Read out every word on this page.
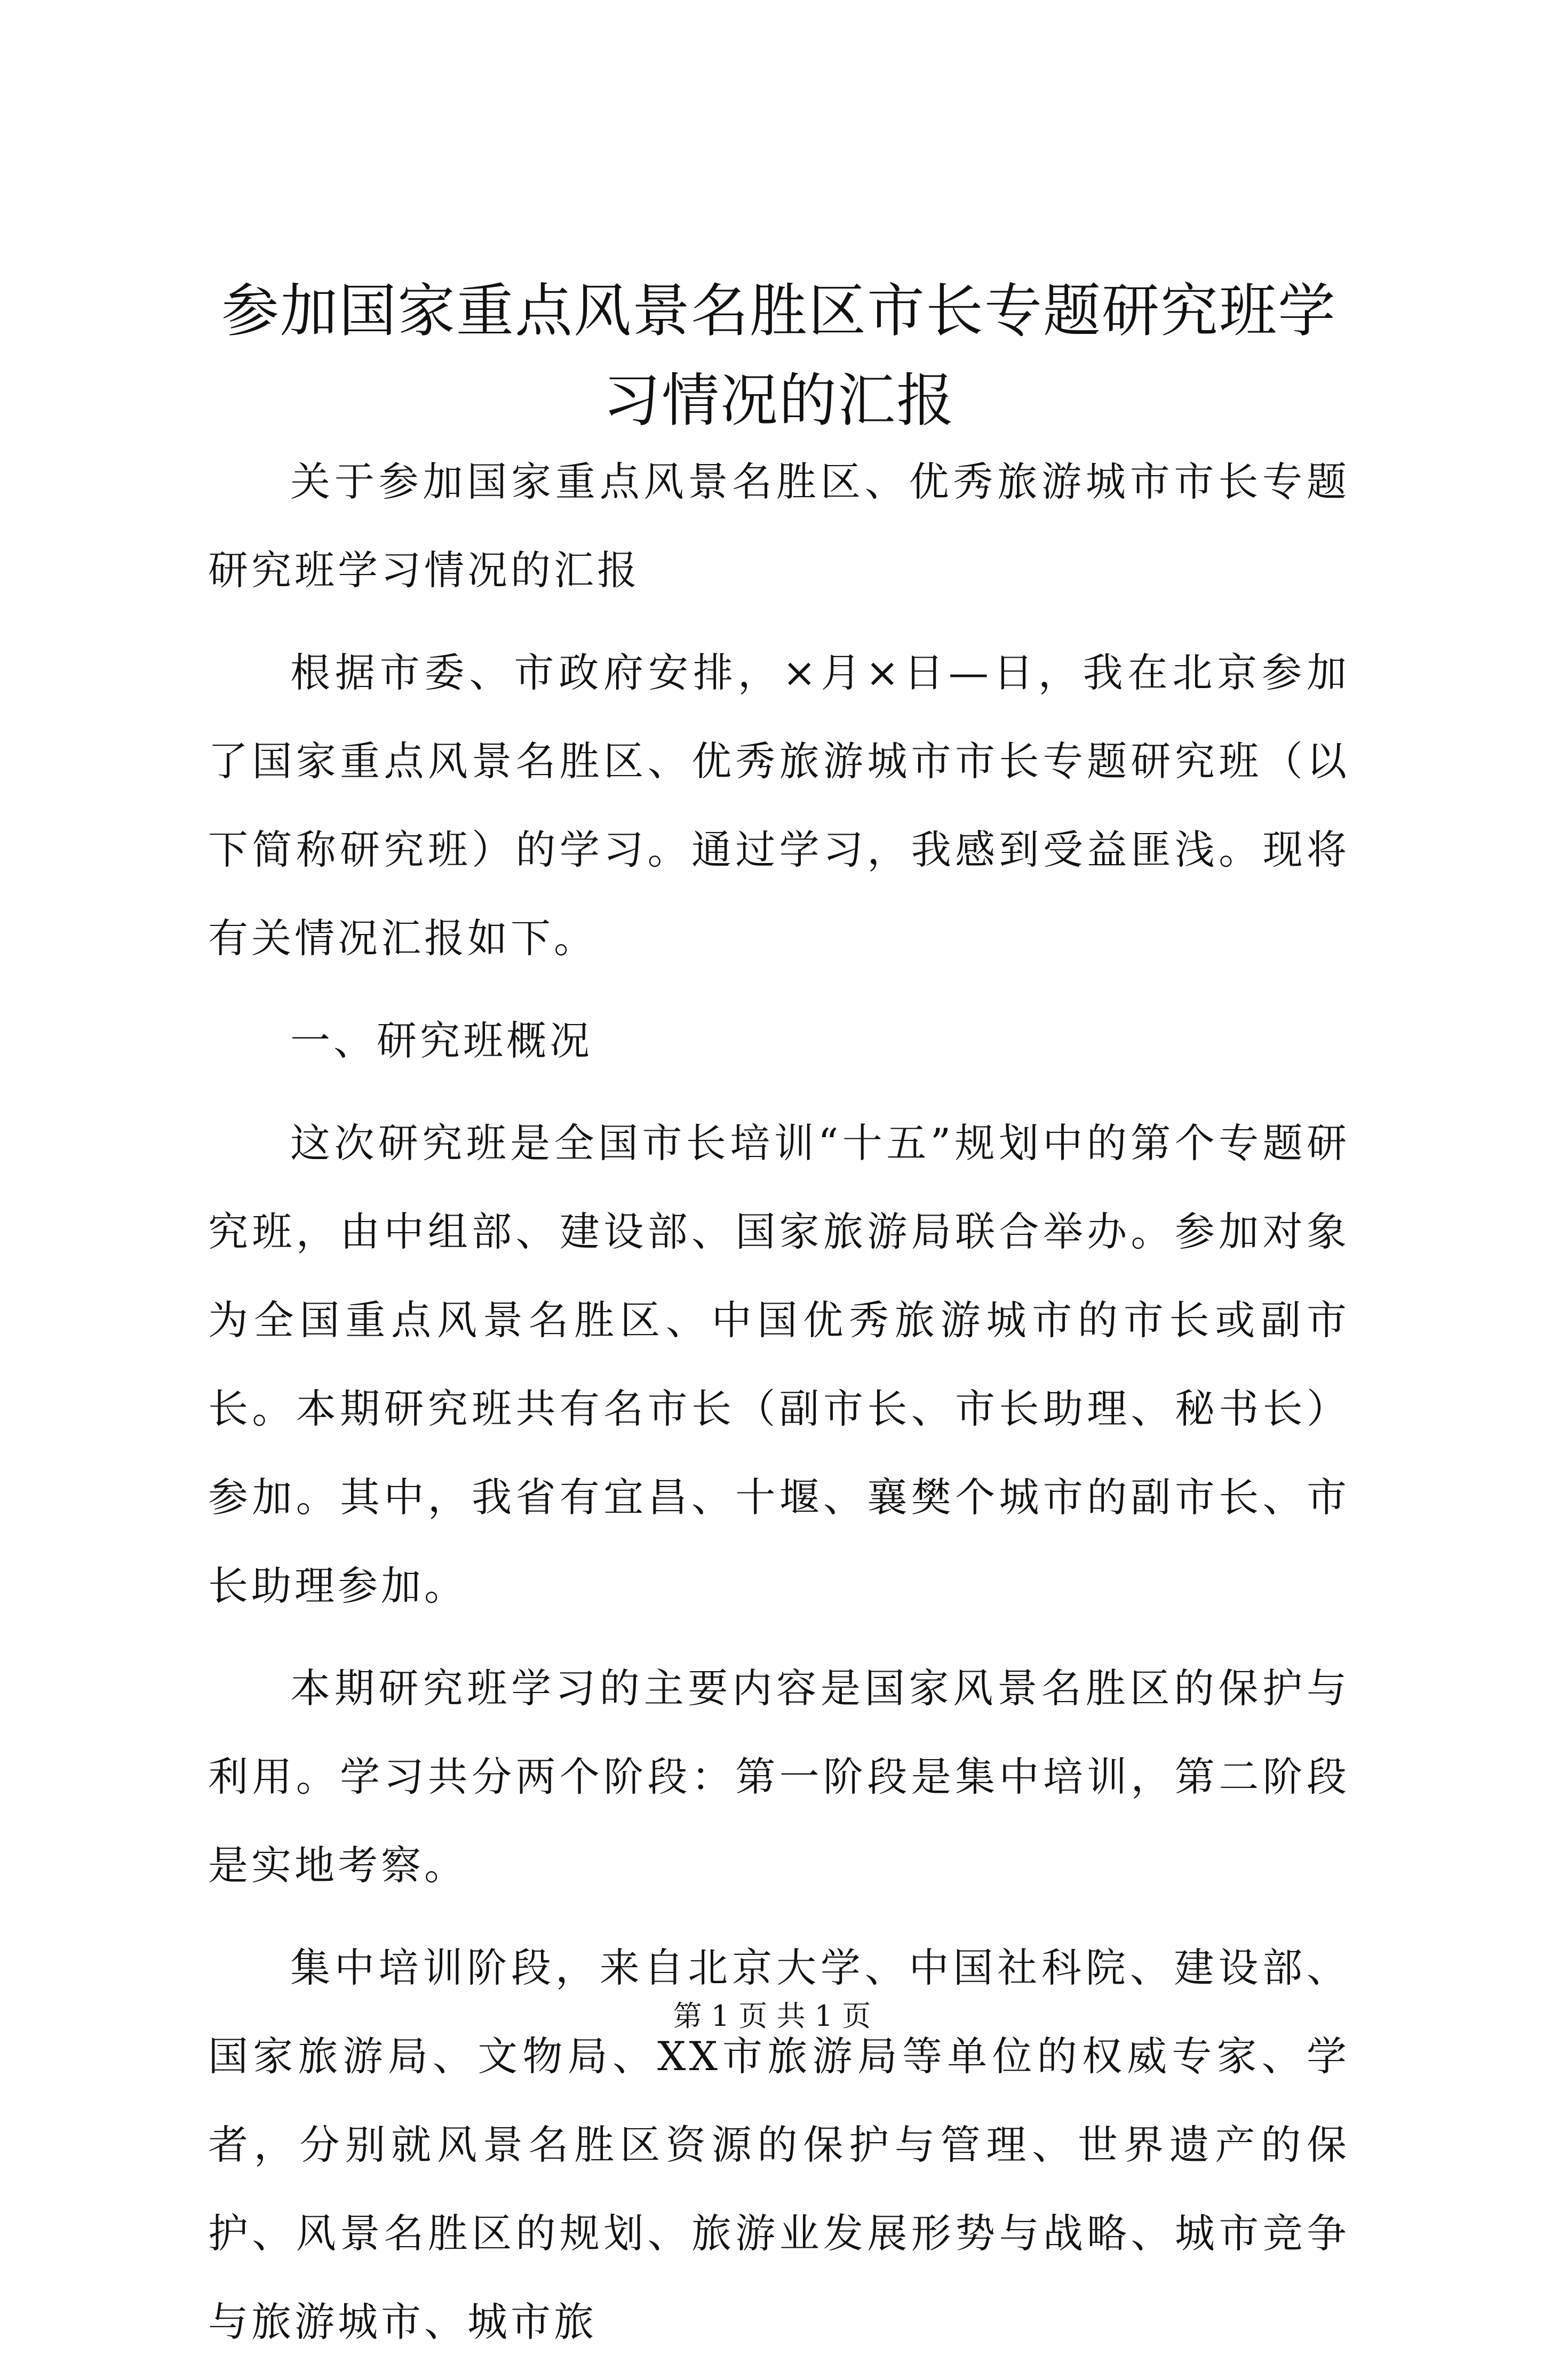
参加国家重点风景名胜区市长专题研究班学习情况的汇报

关于参加国家重点风景名胜区、优秀旅游城市市长专题研究班学习情况的汇报

根据市委、市政府安排，×月×日—日，我在北京参加了国家重点风景名胜区、优秀旅游城市市长专题研究班（以下简称研究班）的学习。通过学习，我感到受益匪浅。现将有关情况汇报如下。

一、研究班概况

这次研究班是全国市长培训“十五”规划中的第个专题研究班，由中组部、建设部、国家旅游局联合举办。参加对象为全国重点风景名胜区、中国优秀旅游城市的市长或副市长。本期研究班共有名市长（副市长、市长助理、秘书长）参加。其中，我省有宜昌、十堰、襄樊个城市的副市长、市长助理参加。

本期研究班学习的主要内容是国家风景名胜区的保护与利用。学习共分两个阶段：第一阶段是集中培训，第二阶段是实地考察。

集中培训阶段，来自北京大学、中国社科院、建设部、国家旅游局、文物局、XX市旅游局等单位的权威专家、学者，分别就风景名胜区资源的保护与管理、世界遗产的保护、风景名胜区的规划、旅游业发展形势与战略、城市竞争与旅游城市、城市旅

第 1 页 共 1 页
